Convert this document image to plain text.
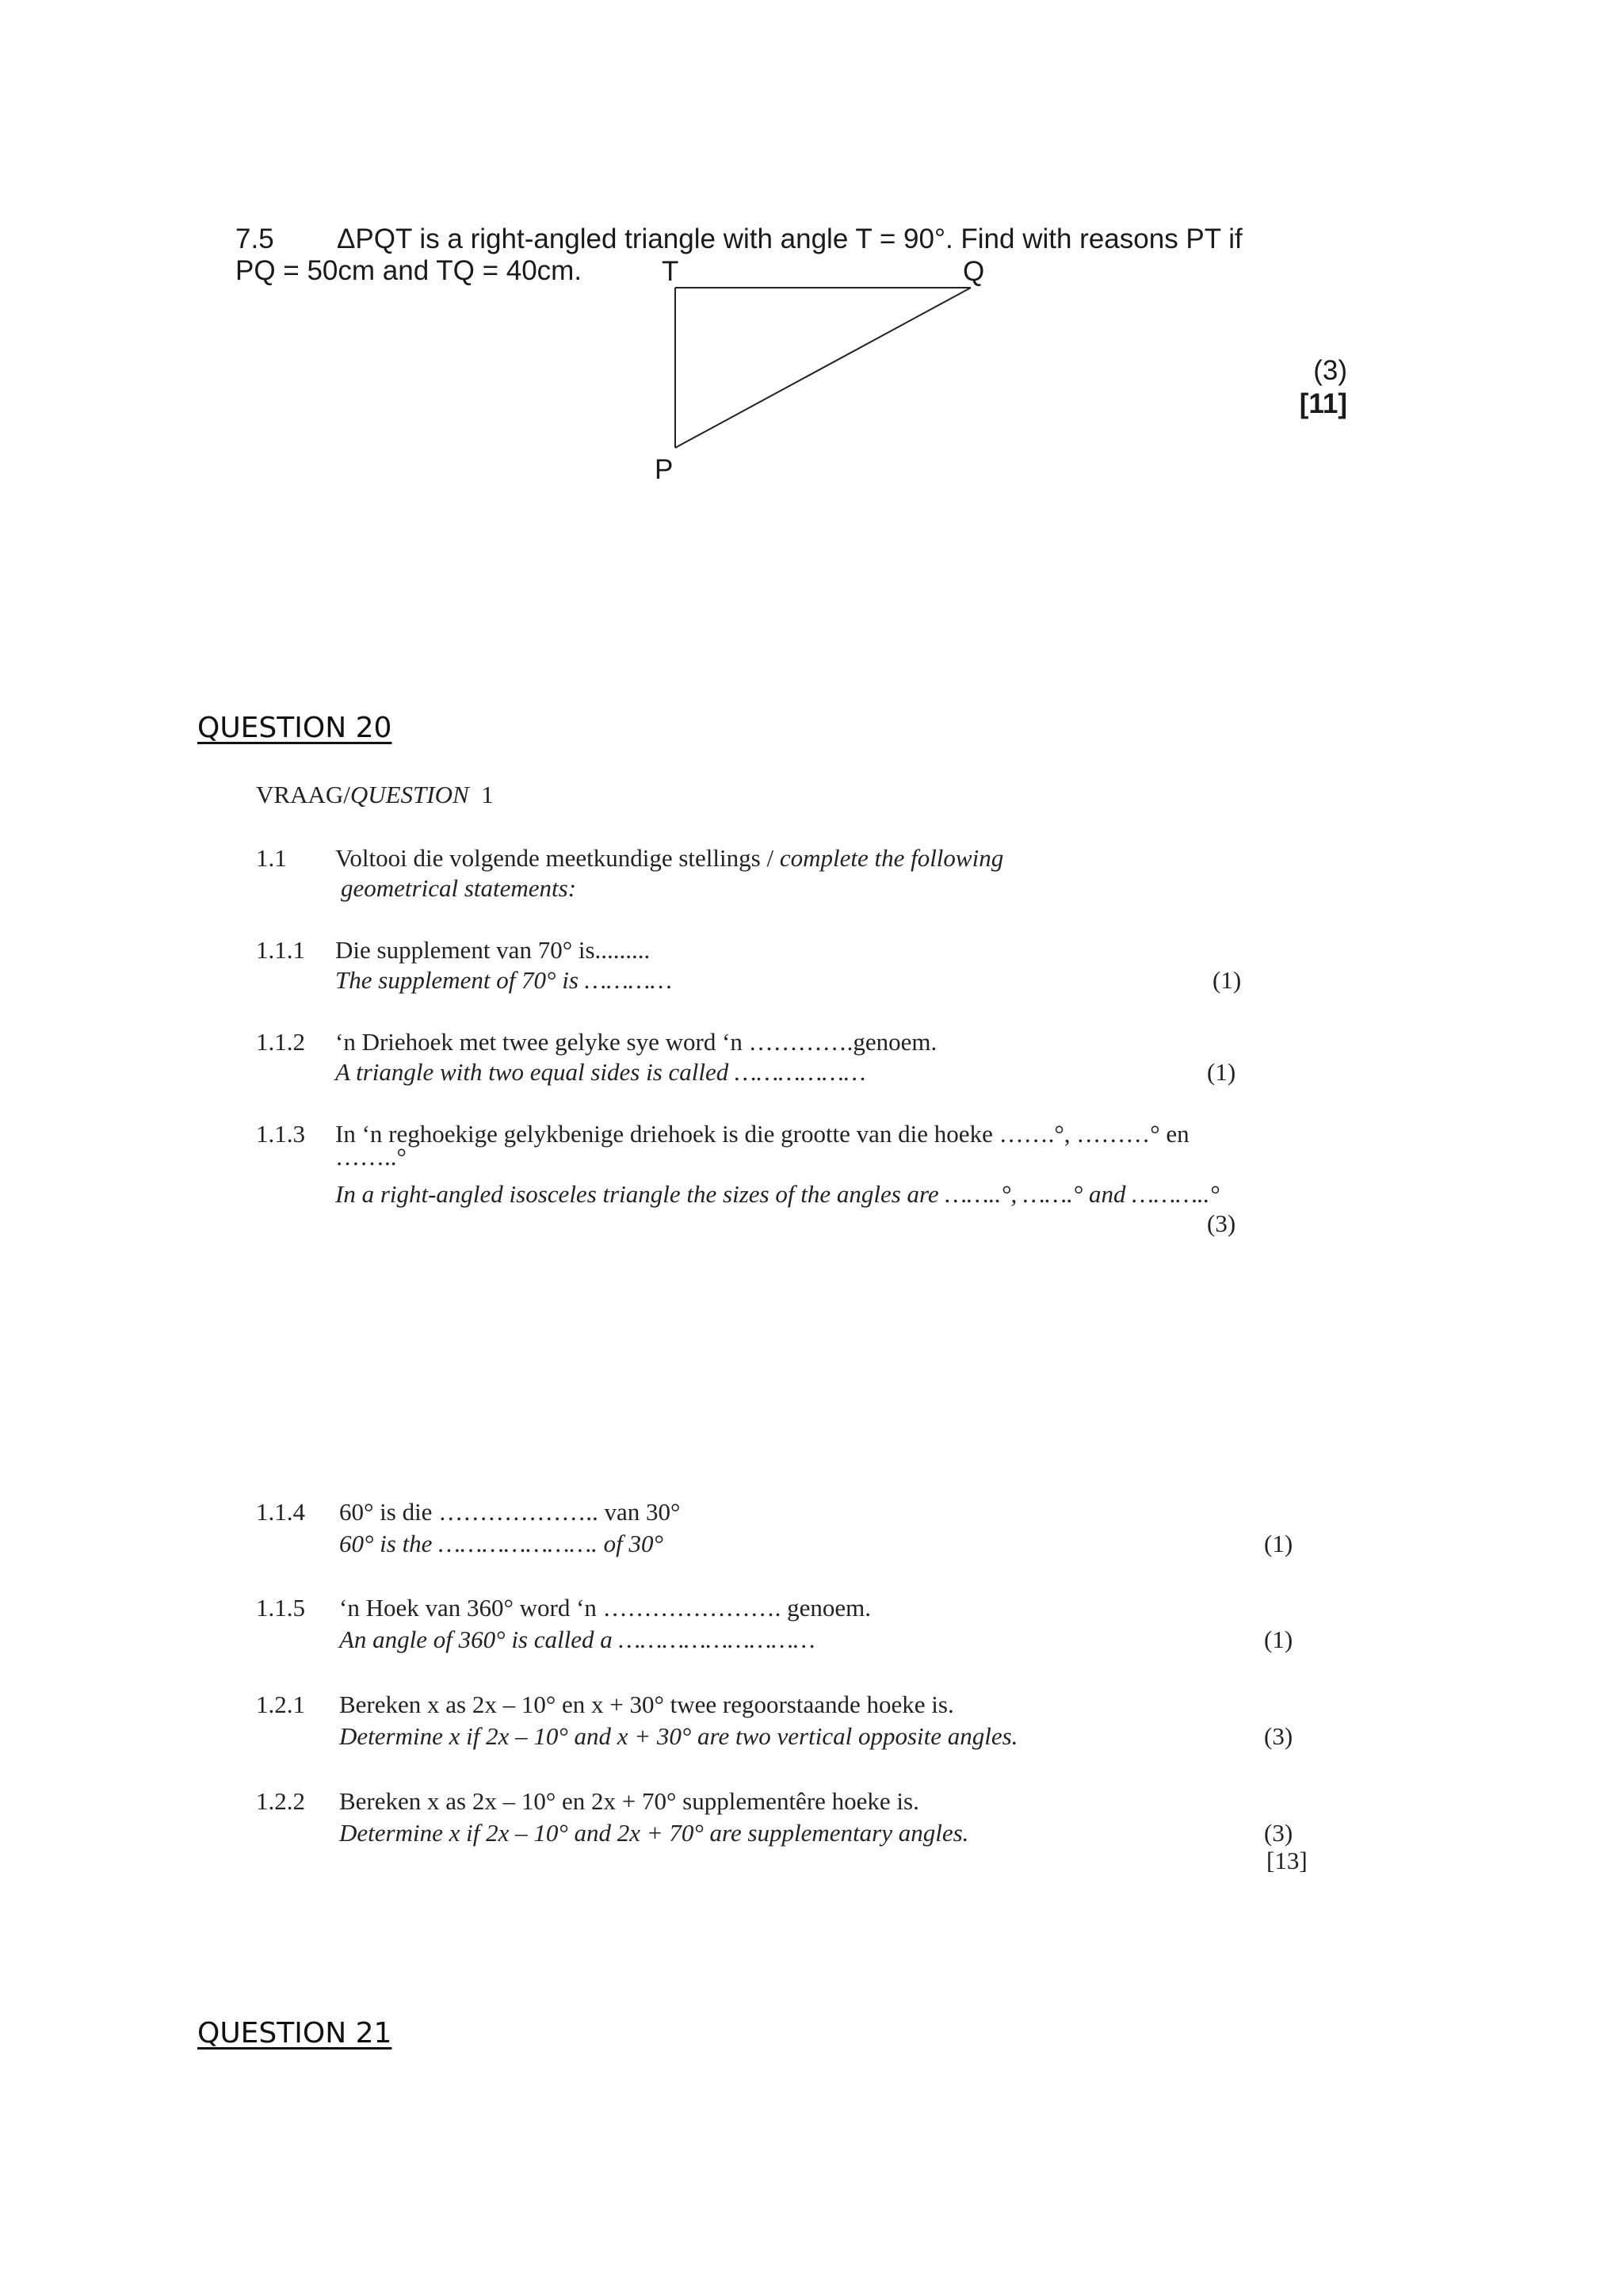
7.5 ΔPQT is a right-angled triangle with angle T = 90°. Find with reasons PT if
PQ = 50cm and TQ = 40cm.	T	Q
P
(3)
[11]
QUESTION 20
VRAAG/QUESTION 1
1.1 Voltooi die volgende meetkundige stellings / complete the following
geometrical statements:
1.1.1 Die supplement van 70° is.........
The supplement of 70° is …………	(1)
1.1.2 ‘n Driehoek met twee gelyke sye word ‘n ………….genoem.
A triangle with two equal sides is called ………………	(1)
1.1.3 In ‘n reghoekige gelykbenige driehoek is die grootte van die hoeke …….°, ………° en
……..°
In a right-angled isosceles triangle the sizes of the angles are ……..°, …….° and ………..°
(3)
1.1.4 60° is die ……………….. van 30°
60° is the …………………. of 30°	(1)
1.1.5 ‘n Hoek van 360° word ‘n …………………. genoem.
An angle of 360° is called a ………………………	(1)
1.2.1 Bereken x as 2x – 10° en x + 30° twee regoorstaande hoeke is.
Determine x if 2x – 10° and x + 30° are two vertical opposite angles.	(3)
1.2.2 Bereken x as 2x – 10° en 2x + 70° supplementêre hoeke is.
Determine x if 2x – 10° and 2x + 70° are supplementary angles.	(3)
[13]
QUESTION 21
